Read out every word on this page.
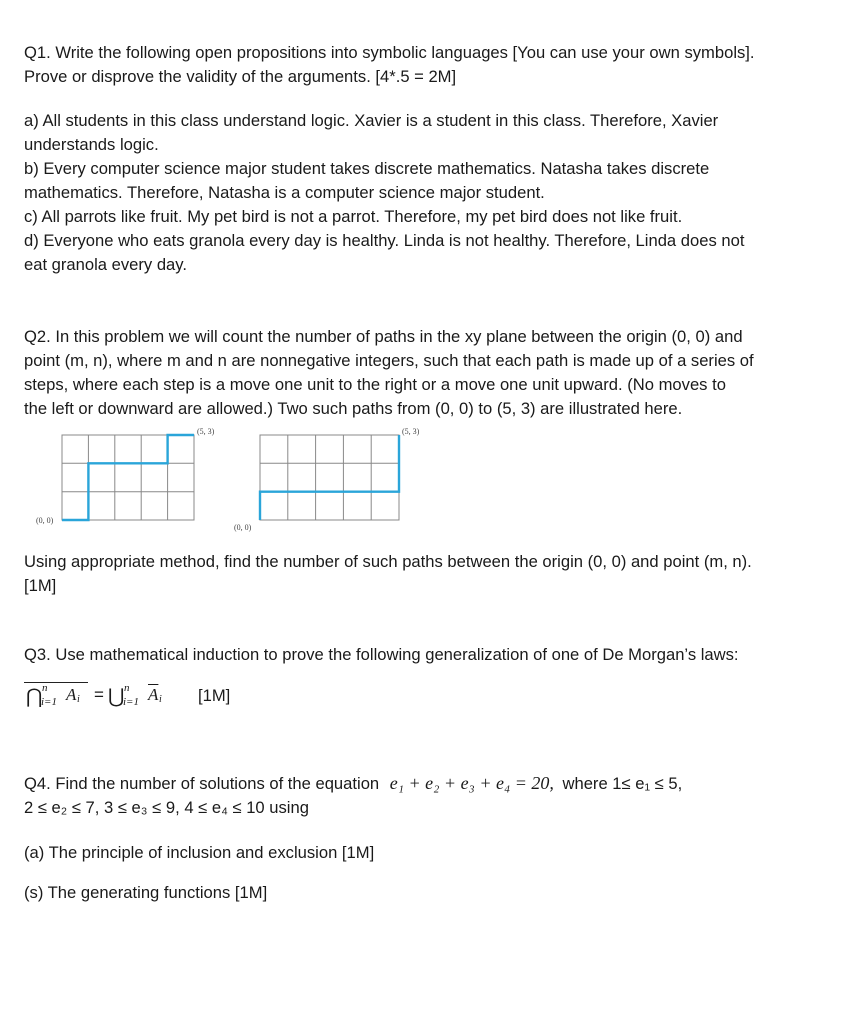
Q1. Write the following open propositions into symbolic languages [You can use your own symbols].
Prove or disprove the validity of the arguments. [4*.5 = 2M]
a) All students in this class understand logic. Xavier is a student in this class. Therefore, Xavier
understands logic.
b) Every computer science major student takes discrete mathematics. Natasha takes discrete
mathematics. Therefore, Natasha is a computer science major student.
c) All parrots like fruit. My pet bird is not a parrot. Therefore, my pet bird does not like fruit.
d) Everyone who eats granola every day is healthy. Linda is not healthy. Therefore, Linda does not
eat granola every day.
Q2. In this problem we will count the number of paths in the xy plane between the origin (0, 0) and
point (m, n), where m and n are nonnegative integers, such that each path is made up of a series of
steps, where each step is a move one unit to the right or a move one unit upward. (No moves to
the left or downward are allowed.) Two such paths from (0, 0) to (5, 3) are illustrated here.
(0, 0)
(5, 3)
(0, 0)
(5, 3)
Using appropriate method, find the number of such paths between the origin (0, 0) and point (m, n).
[1M]
Q3. Use mathematical induction to prove the following generalization of one of De Morgan’s laws:
⋂ n
i=1 A i = ⋃ n
i=1 $\overline{A}$ i [1M]
Q4. Find the number of solutions of the equation e₁ + e₂ + e₃ + e₄ = 20, where 1≤ e₁ ≤ 5,
2 ≤ e₂ ≤ 7, 3 ≤ e₃ ≤ 9, 4 ≤ e₄ ≤ 10 using
(a) The principle of inclusion and exclusion [1M]
(s) The generating functions [1M]
